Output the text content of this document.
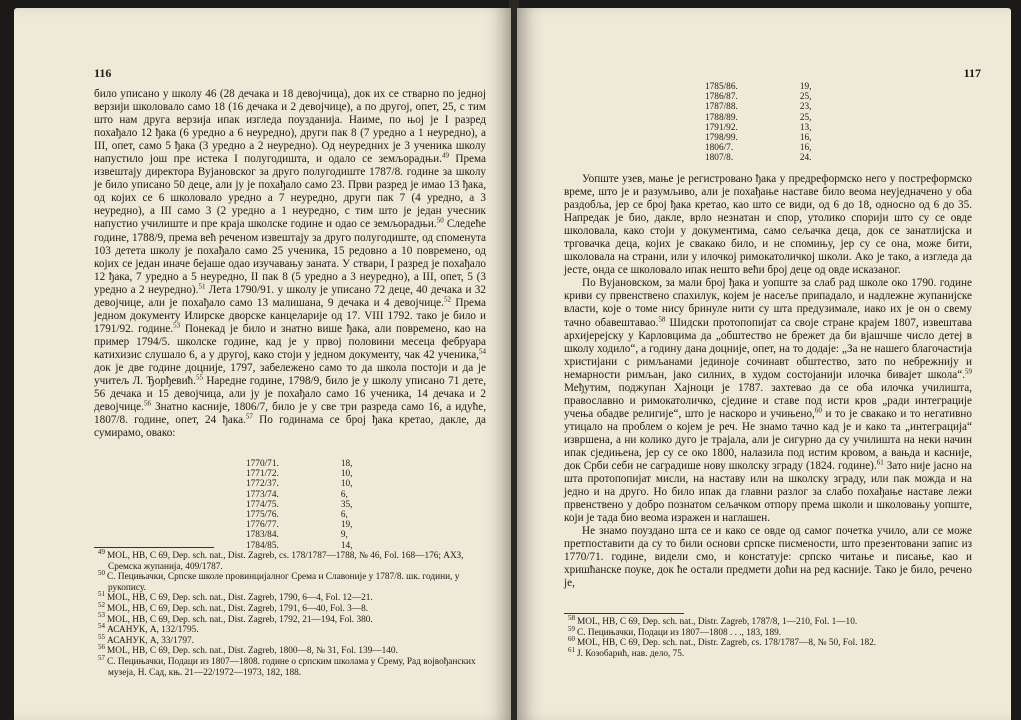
116

било уписано у школу 46 (28 дечака и 18 девојчица), док их се стварно по једној верзији школовало само 18 (16 дечака и 2 девојчице), а по другој, опет, 25, с тим што нам друга верзија ипак изгледа поузданија. Наиме, по њој је I разред похађало 12 ђака (6 уредно а 6 неуредно), други пак 8 (7 уредно а 1 неуредно), а III, опет, само 5 ђака (3 уредно а 2 неуредно). Од неуредних је 3 ученика школу напустило још пре истека I полугодишта, и одало се земљорадњи.$^{49}$ Према извештају директора Вујановског за друго полугодиште 1787/8. године за школу је било уписано 50 деце, али ју је похађало само 23. Први разред је имао 13 ђака, од којих се 6 школовало уредно а 7 неуредно, други пак 7 (4 уредно, а 3 неуредно), а III само 3 (2 уредно а 1 неуредно, с тим што је један учесник напустио училиште и пре краја школске године и одао се земљорадњи.$^{50}$ Следеће године, 1788/9, према већ реченом извештају за друго полугодиште, од споменута 103 детета школу је похађало само 25 ученика, 15 редовно а 10 повремено, од којих се један иначе бејаше одао изучавању заната. У ствари, I разред је похађало 12 ђака, 7 уредно а 5 неуредно, II пак 8 (5 уредно а 3 неуредно), а III, опет, 5 (3 уредно а 2 неуредно).$^{51}$ Лета 1790/91. у школу је уписано 72 деце, 40 дечака и 32 девојчице, али је похађало само 13 малишана, 9 дечака и 4 девојчице.$^{52}$ Према једном документу Илирске дворске канцеларије од 17. VIII 1792. тако је било и 1791/92. године.$^{53}$ Понекад је било и знатно више ђака, али повремено, као на пример 1794/5. школске године, кад је у првој половини месеца фебруара катихизис слушало 6, а у другој, како стоји у једном документу, чак 42 ученика,$^{54}$ док је две године доцније, 1797, забележено само то да школа постоји и да је учитељ Л. Ђорђевић.$^{55}$ Наредне године, 1798/9, било је у школу уписано 71 дете, 56 дечака и 15 девојчица, али ју је похађало само 16 ученика, 14 дечака и 2 девојчице.$^{56}$ Знатно касније, 1806/7, било је у све три разреда само 16, а идуће, 1807/8. године, опет, 24 ђака.$^{57}$ По годинама се број ђака кретао, дакле, да сумирамо, овако:

1770/71.	18,
1771/72.	10,
1772/37.	10,
1773/74.	6,
1774/75.	35,
1775/76.	6,
1776/77.	19,
1783/84.	9,
1784/85.	14,

$^{49}$ MOL, HB, C 69, Dep. sch. nat., Dist. Zagreb, cs. 178/1787—1788, № 46, Fol. 168—176; АХЗ, Сремска жупанија, 409/1787.

$^{50}$ С. Пецињачки, Српске школе провинцијалног Срема и Славоније у 1787/8. шк. години, у рукопису.

$^{51}$ MOL, HB, C 69, Dep. sch. nat., Dist. Zagreb, 1790, 6—4, Fol. 12—21.

$^{52}$ MOL, HB, C 69, Dep. sch. nat., Dist. Zagreb, 1791, 6—40, Fol. 3—8.

$^{53}$ MOL, HB, C 69, Dep. sch. nat., Dist. Zagreb, 1792, 21—194, Fol. 380.

$^{54}$ АСАНУК, А, 132/1795.

$^{55}$ АСАНУК, А, 33/1797.

$^{56}$ MOL, HB, C 69, Dep. sch. nat., Dist. Zagreb, 1800—8, № 31, Fol. 139—140.

$^{57}$ С. Пецињачки, Подаци из 1807—1808. године о српским школама у Срему, Рад војвођанских музеја, Н. Сад, књ. 21—22/1972—1973, 182, 188.

117
1785/86.	19,
1786/87.	25,
1787/88.	23,
1788/89.	25,
1791/92.	13,
1798/99.	16,
1806/7.	16,
1807/8.	24.

Уопште узев, мање је регистровано ђака у предреформско него у постреформско време, што је и разумљиво, али је похађање наставе било веома неуједначено у оба раздобља, јер се број ђака кретао, као што се види, од 6 до 18, односно од 6 до 35. Напредак је био, дакле, врло незнатан и спор, утолико спорији што су се овде школовала, како стоји у документима, само сељачка деца, док се занатлијска и трговачка деца, којих је свакако било, и не спомињу, јер су се она, може бити, школовала на страни, или у илочкој римокатоличкој школи. Ако је тако, а изгледа да јесте, онда се школовало ипак нешто већи број деце од овде исказаног.

По Вујановском, за мали број ђака и уопште за слаб рад школе око 1790. године криви су првенствено спахилук, којем је насеље припадало, и надлежне жупанијске власти, које о томе нису бринуле нити су шта предузимале, иако их је он о свему тачно обавештавао.$^{58}$ Шидски протопопијат са своје стране крајем 1807, извештава архијерејску у Карловцима да „обштество не брежет да би вјашчше число детеј в школу ходило“, а годину дана доцније, опет, на то додаје: „За не нашего благочастија христијани с римљанами јединоје сочинавт обштество, зато по небрежнију и немарности римљан, јако силних, в худом состојанији илочка бивајет школа“.$^{59}$ Међутим, поджупан Хајноци је 1787. захтевао да се оба илочка училишта, православно и римокатоличко, сједине и ставе под исти кров „ради интеграције учења обадве религије“, што је наскоро и учињено,$^{60}$ и то је свакако и то негативно утицало на проблем о којем је реч. Не знамо тачно кад је и како та „интеграција“ извршена, а ни колико дуго је трајала, али је сигурно да су училишта на неки начин ипак сједињена, јер су се око 1800, налазила под истим кровом, а вањда и касније, док Срби себи не саградише нову школску зграду (1824. године).$^{61}$ Зато није јасно на шта протопопијат мисли, на наставу или на школску зграду, или пак можда и на једно и на друго. Но било ипак да главни разлог за слабо похађање наставе лежи првенствено у добро познатом сељачком отпору према школи и школовању уопште, који је тада био веома изражен и наглашен.

Не знамо поуздано шта се и како се овде од самог почетка учило, али се може претпоставити да су то били основи српске писмености, што презентовани запис из 1770/71. године, видели смо, и констатује: српско читање и писање, као и хришћанске поуке, док ће остали предмети доћи на ред касније. Тако је било, речено је,

$^{58}$ MOL, HB, C 69, Dep. sch. nat., Distr. Zagreb, 1787/8, 1—210, Fol. 1—10.

$^{59}$ С. Пецињачки, Подаци из 1807—1808 . . ., 183, 189.

$^{60}$ MOL, HB, C 69, Dep. sch. nat., Distr. Zagreb, cs. 178/1787—8, № 50, Fol. 182.

$^{61}$ Ј. Козобарић, нав. дело, 75.
